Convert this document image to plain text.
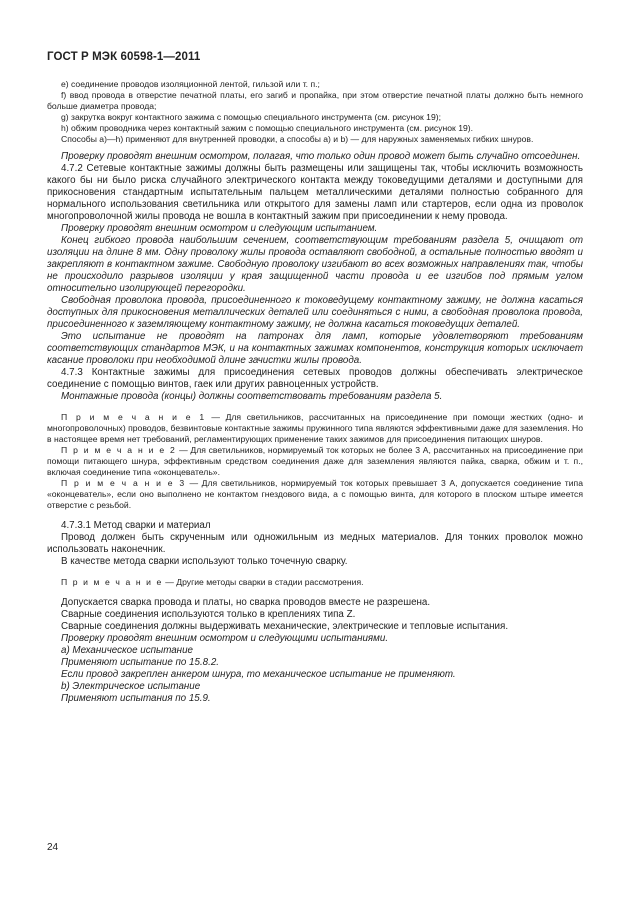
ГОСТ Р МЭК 60598-1—2011

e) соединение проводов изоляционной лентой, гильзой или т. п.;

f) ввод провода в отверстие печатной платы, его загиб и пропайка, при этом отверстие печатной платы должно быть немного больше диаметра провода;

g) закрутка вокруг контактного зажима с помощью специального инструмента (см. рисунок 19);

h) обжим проводника через контактный зажим с помощью специального инструмента (см. рисунок 19).

Способы a)—h) применяют для внутренней проводки, а способы a) и b) — для наружных заменяемых гибких шнуров.

Проверку проводят внешним осмотром, полагая, что только один провод может быть случайно отсоединен.

4.7.2 Сетевые контактные зажимы должны быть размещены или защищены так, чтобы исключить возможность какого бы ни было риска случайного электрического контакта между токоведущими деталями и доступными для прикосновения стандартным испытательным пальцем металлическими деталями полностью собранного для нормального использования светильника или открытого для замены ламп или стартеров, если одна из проволок многопроволочной жилы провода не вошла в контактный зажим при присоединении к нему провода.

Проверку проводят внешним осмотром и следующим испытанием.

Конец гибкого провода наибольшим сечением, соответствующим требованиям раздела 5, очищают от изоляции на длине 8 мм. Одну проволоку жилы провода оставляют свободной, а остальные полностью вводят и закрепляют в контактном зажиме. Свободную проволоку изгибают во всех возможных направлениях так, чтобы не происходило разрывов изоляции у края защищенной части провода и ее изгибов под прямым углом относительно изолирующей перегородки.

Свободная проволока провода, присоединенного к токоведущему контактному зажиму, не должна касаться доступных для прикосновения металлических деталей или соединяться с ними, а свободная проволока провода, присоединенного к заземляющему контактному зажиму, не должна касаться токоведущих деталей.

Это испытание не проводят на патронах для ламп, которые удовлетворяют требованиям соответствующих стандартов МЭК, и на контактных зажимах компонентов, конструкция которых исключает касание проволоки при необходимой длине зачистки жилы провода.

4.7.3 Контактные зажимы для присоединения сетевых проводов должны обеспечивать электрическое соединение с помощью винтов, гаек или других равноценных устройств.

Монтажные провода (концы) должны соответствовать требованиям раздела 5.

П р и м е ч а н и е 1 — Для светильников, рассчитанных на присоединение при помощи жестких (одно- и многопроволочных) проводов, безвинтовые контактные зажимы пружинного типа являются эффективными даже для заземления. Но в настоящее время нет требований, регламентирующих применение таких зажимов для присоединения питающих шнуров.

П р и м е ч а н и е 2 — Для светильников, нормируемый ток которых не более 3 А, рассчитанных на присоединение при помощи питающего шнура, эффективным средством соединения даже для заземления являются пайка, сварка, обжим и т. п., включая соединение типа «оконцеватель».

П р и м е ч а н и е 3 — Для светильников, нормируемый ток которых превышает 3 А, допускается соединение типа «оконцеватель», если оно выполнено не контактом гнездового вида, а с помощью винта, для которого в плоском штыре имеется отверстие с резьбой.

4.7.3.1 Метод сварки и материал

Провод должен быть скрученным или одножильным из медных материалов. Для тонких проволок можно использовать наконечник.

В качестве метода сварки используют только точечную сварку.

П р и м е ч а н и е — Другие методы сварки в стадии рассмотрения.

Допускается сварка провода и платы, но сварка проводов вместе не разрешена.

Сварные соединения используются только в креплениях типа Z.

Сварные соединения должны выдерживать механические, электрические и тепловые испытания.

Проверку проводят внешним осмотром и следующими испытаниями.

a) Механическое испытание

Применяют испытание по 15.8.2.

Если провод закреплен анкером шнура, то механическое испытание не применяют.

b) Электрическое испытание

Применяют испытания по 15.9.

24
